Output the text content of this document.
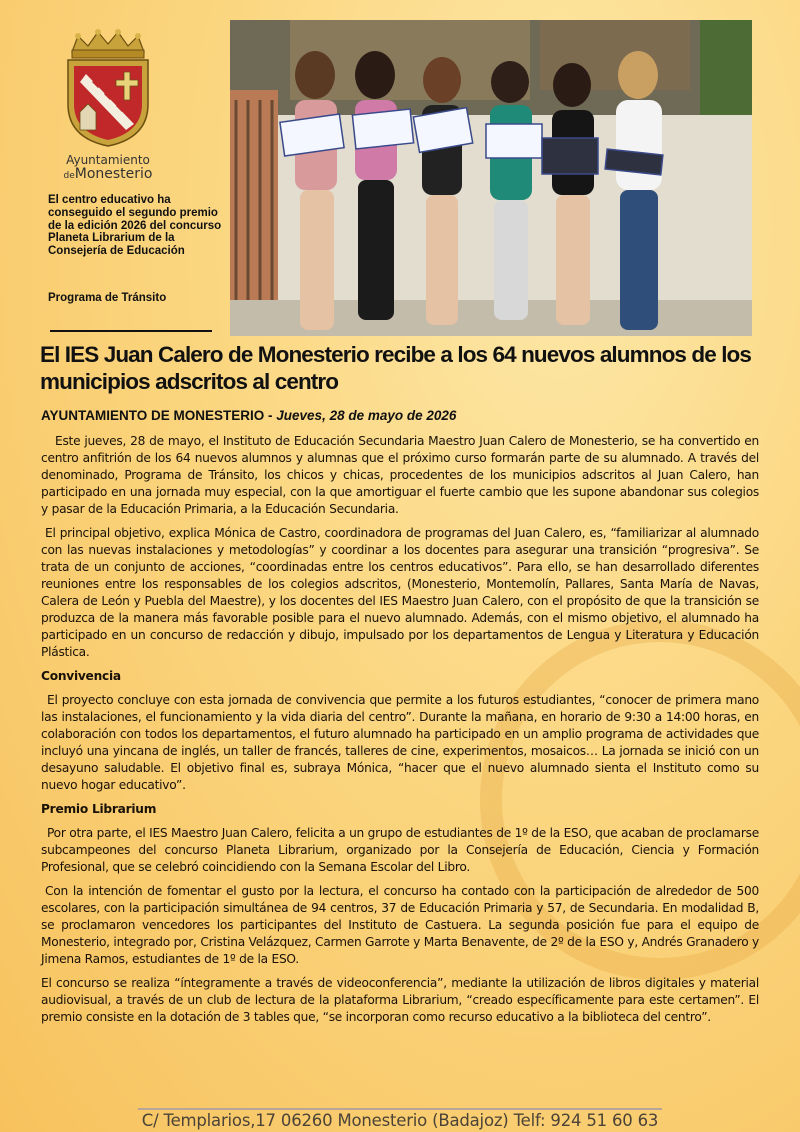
Ayuntamiento
deMonesterio
El centro educativo ha conseguido el segundo premio de la edición 2026 del concurso Planeta Librarium de la Consejería de Educación
Programa de Tránsito
El IES Juan Calero de Monesterio recibe a los 64 nuevos alumnos de los municipios adscritos al centro
AYUNTAMIENTO DE MONESTERIO - Jueves, 28 de mayo de 2026

Este jueves, 28 de mayo, el Instituto de Educación Secundaria Maestro Juan Calero de Monesterio, se ha convertido en centro anfitrión de los 64 nuevos alumnos y alumnas que el próximo curso formarán parte de su alumnado. A través del denominado, Programa de Tránsito, los chicos y chicas, procedentes de los municipios adscritos al Juan Calero, han participado en una jornada muy especial, con la que amortiguar el fuerte cambio que les supone abandonar sus colegios y pasar de la Educación Primaria, a la Educación Secundaria.

El principal objetivo, explica Mónica de Castro, coordinadora de programas del Juan Calero, es, “familiarizar al alumnado con las nuevas instalaciones y metodologías” y coordinar a los docentes para asegurar una transición “progresiva”. Se trata de un conjunto de acciones, “coordinadas entre los centros educativos”. Para ello, se han desarrollado diferentes reuniones entre los responsables de los colegios adscritos, (Monesterio, Montemolín, Pallares, Santa María de Navas, Calera de León y Puebla del Maestre), y los docentes del IES Maestro Juan Calero, con el propósito de que la transición se produzca de la manera más favorable posible para el nuevo alumnado. Además, con el mismo objetivo, el alumnado ha participado en un concurso de redacción y dibujo, impulsado por los departamentos de Lengua y Literatura y Educación Plástica.

Convivencia

El proyecto concluye con esta jornada de convivencia que permite a los futuros estudiantes, “conocer de primera mano las instalaciones, el funcionamiento y la vida diaria del centro”. Durante la mañana, en horario de 9:30 a 14:00 horas, en colaboración con todos los departamentos, el futuro alumnado ha participado en un amplio programa de actividades que incluyó una yincana de inglés, un taller de francés, talleres de cine, experimentos, mosaicos… La jornada se inició con un desayuno saludable. El objetivo final es, subraya Mónica, “hacer que el nuevo alumnado sienta el Instituto como su nuevo hogar educativo”.

Premio Librarium

Por otra parte, el IES Maestro Juan Calero, felicita a un grupo de estudiantes de 1º de la ESO, que acaban de proclamarse subcampeones del concurso Planeta Librarium, organizado por la Consejería de Educación, Ciencia y Formación Profesional, que se celebró coincidiendo con la Semana Escolar del Libro.

Con la intención de fomentar el gusto por la lectura, el concurso ha contado con la participación de alrededor de 500 escolares, con la participación simultánea de 94 centros, 37 de Educación Primaria y 57, de Secundaria. En modalidad B, se proclamaron vencedores los participantes del Instituto de Castuera. La segunda posición fue para el equipo de Monesterio, integrado por, Cristina Velázquez, Carmen Garrote y Marta Benavente, de 2º de la ESO y, Andrés Granadero y Jimena Ramos, estudiantes de 1º de la ESO.

El concurso se realiza “íntegramente a través de videoconferencia”, mediante la utilización de libros digitales y material audiovisual, a través de un club de lectura de la plataforma Librarium, “creado específicamente para este certamen”. El premio consiste en la dotación de 3 tables que, “se incorporan como recurso educativo a la biblioteca del centro”.

C/ Templarios,17 06260 Monesterio (Badajoz) Telf: 924 51 60 63
